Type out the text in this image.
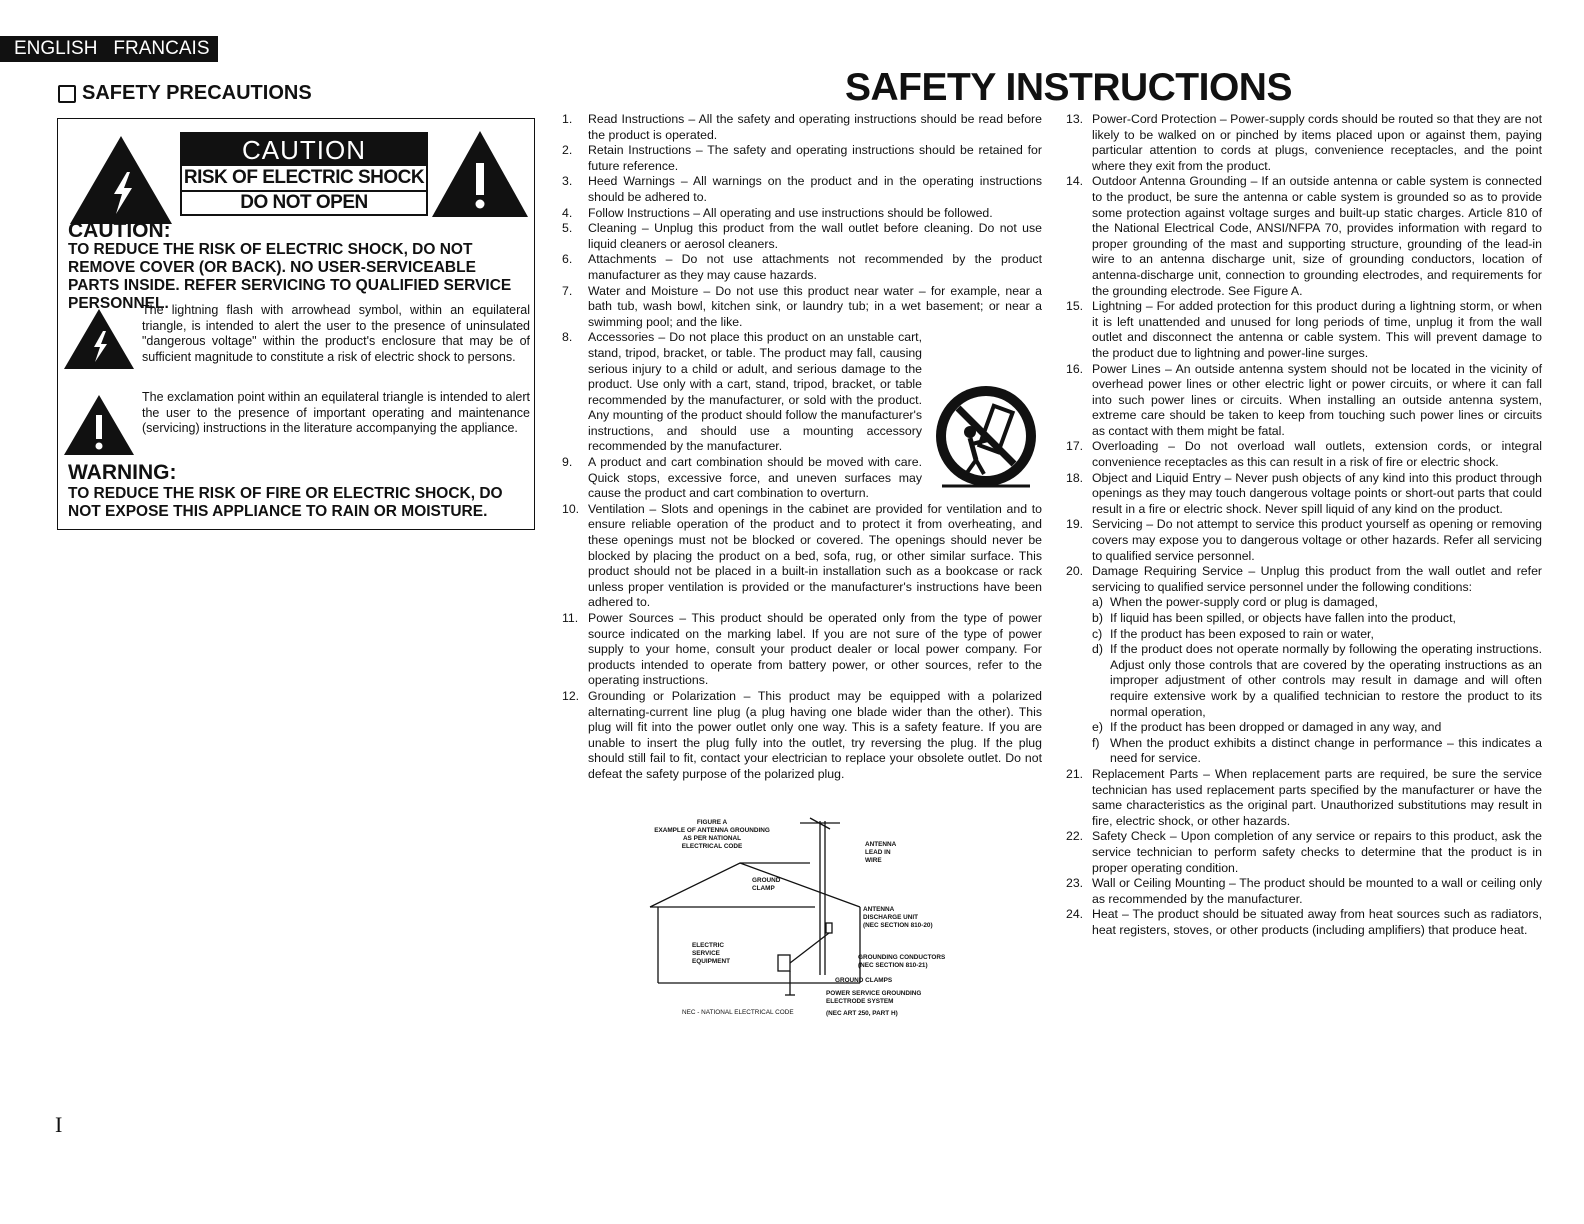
ENGLISH FRANCAIS
SAFETY PRECAUTIONS
CAUTION
RISK OF ELECTRIC SHOCK
DO NOT OPEN
CAUTION:

TO REDUCE THE RISK OF ELECTRIC SHOCK, DO NOT REMOVE COVER (OR BACK). NO USER-SERVICEABLE PARTS INSIDE. REFER SERVICING TO QUALIFIED SERVICE PERSONNEL.

The lightning flash with arrowhead symbol, within an equilateral triangle, is intended to alert the user to the presence of uninsulated "dangerous voltage" within the product's enclosure that may be of sufficient magnitude to constitute a risk of electric shock to persons.

The exclamation point within an equilateral triangle is intended to alert the user to the presence of important operating and maintenance (servicing) instructions in the literature accompanying the appliance.

WARNING:

TO REDUCE THE RISK OF FIRE OR ELECTRIC SHOCK, DO NOT EXPOSE THIS APPLIANCE TO RAIN OR MOISTURE.

SAFETY INSTRUCTIONS
1. Read Instructions – All the safety and operating instructions should be read before the product is operated.
2. Retain Instructions – The safety and operating instructions should be retained for future reference.
3. Heed Warnings – All warnings on the product and in the operating instructions should be adhered to.
4. Follow Instructions – All operating and use instructions should be followed.
5. Cleaning – Unplug this product from the wall outlet before cleaning. Do not use liquid cleaners or aerosol cleaners.
6. Attachments – Do not use attachments not recommended by the product manufacturer as they may cause hazards.
7. Water and Moisture – Do not use this product near water – for example, near a bath tub, wash bowl, kitchen sink, or laundry tub; in a wet basement; or near a swimming pool; and the like.
8. Accessories – Do not place this product on an unstable cart, stand, tripod, bracket, or table. The product may fall, causing serious injury to a child or adult, and serious damage to the product. Use only with a cart, stand, tripod, bracket, or table recommended by the manufacturer, or sold with the product. Any mounting of the product should follow the manufacturer's instructions, and should use a mounting accessory recommended by the manufacturer.
9. A product and cart combination should be moved with care. Quick stops, excessive force, and uneven surfaces may cause the product and cart combination to overturn.
10. Ventilation – Slots and openings in the cabinet are provided for ventilation and to ensure reliable operation of the product and to protect it from overheating, and these openings must not be blocked or covered. The openings should never be blocked by placing the product on a bed, sofa, rug, or other similar surface. This product should not be placed in a built-in installation such as a bookcase or rack unless proper ventilation is provided or the manufacturer's instructions have been adhered to.
11. Power Sources – This product should be operated only from the type of power source indicated on the marking label. If you are not sure of the type of power supply to your home, consult your product dealer or local power company. For products intended to operate from battery power, or other sources, refer to the operating instructions.
12. Grounding or Polarization – This product may be equipped with a polarized alternating-current line plug (a plug having one blade wider than the other). This plug will fit into the power outlet only one way. This is a safety feature. If you are unable to insert the plug fully into the outlet, try reversing the plug. If the plug should still fail to fit, contact your electrician to replace your obsolete outlet. Do not defeat the safety purpose of the polarized plug.
FIGURE A
EXAMPLE OF ANTENNA GROUNDING
AS PER NATIONAL
ELECTRICAL CODE	ANTENNA
LEAD IN
WIRE
GROUND
CLAMP
ANTENNA
DISCHARGE UNIT
(NEC SECTION 810-20)
ELECTRIC
SERVICE
EQUIPMENT
GROUNDING CONDUCTORS
(NEC SECTION 810-21)
GROUND CLAMPS
POWER SERVICE GROUNDING
ELECTRODE SYSTEM
(NEC ART 250, PART H)
NEC - NATIONAL ELECTRICAL CODE
13. Power-Cord Protection – Power-supply cords should be routed so that they are not likely to be walked on or pinched by items placed upon or against them, paying particular attention to cords at plugs, convenience receptacles, and the point where they exit from the product.
14. Outdoor Antenna Grounding – If an outside antenna or cable system is connected to the product, be sure the antenna or cable system is grounded so as to provide some protection against voltage surges and built-up static charges. Article 810 of the National Electrical Code, ANSI/NFPA 70, provides information with regard to proper grounding of the mast and supporting structure, grounding of the lead-in wire to an antenna discharge unit, size of grounding conductors, location of antenna-discharge unit, connection to grounding electrodes, and requirements for the grounding electrode. See Figure A.
15. Lightning – For added protection for this product during a lightning storm, or when it is left unattended and unused for long periods of time, unplug it from the wall outlet and disconnect the antenna or cable system. This will prevent damage to the product due to lightning and power-line surges.
16. Power Lines – An outside antenna system should not be located in the vicinity of overhead power lines or other electric light or power circuits, or where it can fall into such power lines or circuits. When installing an outside antenna system, extreme care should be taken to keep from touching such power lines or circuits as contact with them might be fatal.
17. Overloading – Do not overload wall outlets, extension cords, or integral convenience receptacles as this can result in a risk of fire or electric shock.
18. Object and Liquid Entry – Never push objects of any kind into this product through openings as they may touch dangerous voltage points or short-out parts that could result in a fire or electric shock. Never spill liquid of any kind on the product.
19. Servicing – Do not attempt to service this product yourself as opening or removing covers may expose you to dangerous voltage or other hazards. Refer all servicing to qualified service personnel.
20. Damage Requiring Service – Unplug this product from the wall outlet and refer servicing to qualified service personnel under the following conditions:
a) When the power-supply cord or plug is damaged,
b) If liquid has been spilled, or objects have fallen into the product,
c) If the product has been exposed to rain or water,
d) If the product does not operate normally by following the operating instructions. Adjust only those controls that are covered by the operating instructions as an improper adjustment of other controls may result in damage and will often require extensive work by a qualified technician to restore the product to its normal operation,
e) If the product has been dropped or damaged in any way, and
f) When the product exhibits a distinct change in performance – this indicates a need for service.
21. Replacement Parts – When replacement parts are required, be sure the service technician has used replacement parts specified by the manufacturer or have the same characteristics as the original part. Unauthorized substitutions may result in fire, electric shock, or other hazards.
22. Safety Check – Upon completion of any service or repairs to this product, ask the service technician to perform safety checks to determine that the product is in proper operating condition.
23. Wall or Ceiling Mounting – The product should be mounted to a wall or ceiling only as recommended by the manufacturer.
24. Heat – The product should be situated away from heat sources such as radiators, heat registers, stoves, or other products (including amplifiers) that produce heat.
I
